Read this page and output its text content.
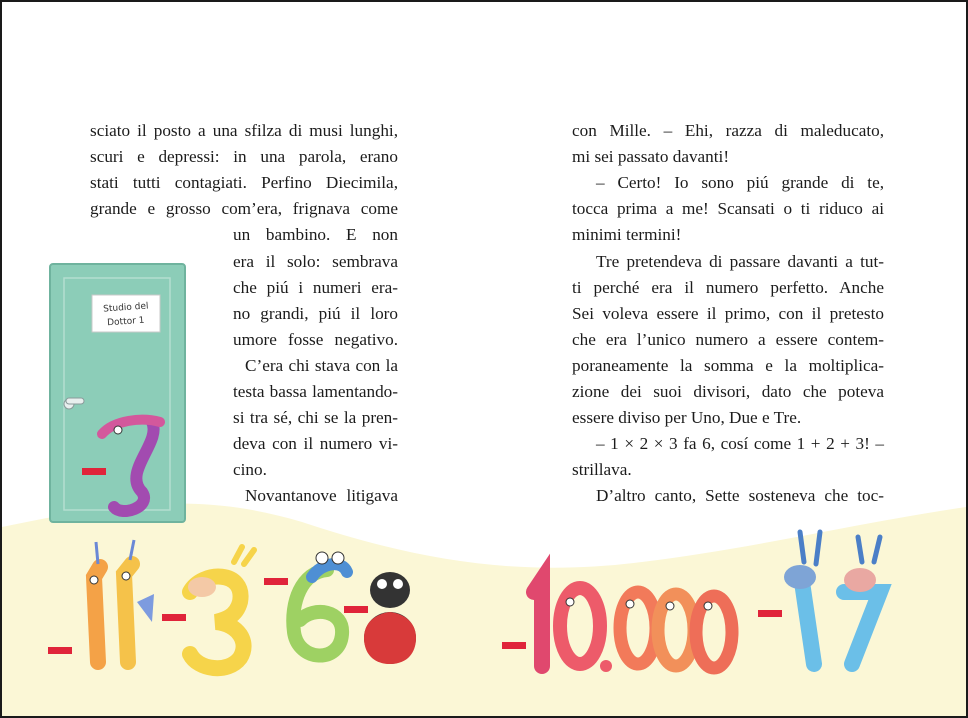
Studio del
Dottor 1
-7
sciato il posto a una sfilza di musi lunghi,
scuri e depressi: in una parola, erano
stati tutti contagiati. Perfino Diecimila,
grande e grosso com’era, frignava come
un bambino. E non
era il solo: sembrava
che piú i numeri era-
no grandi, piú il loro
umore fosse negativo.
C’era chi stava con la
testa bassa lamentando-
si tra sé, chi se la pren-
deva con il numero vi-
cino.
Novantanove litigava
con Mille. – Ehi, razza di maleducato,
mi sei passato davanti!
– Certo! Io sono piú grande di te,
tocca prima a me! Scansati o ti riduco ai
minimi termini!
Tre pretendeva di passare davanti a tut-
ti perché era il numero perfetto. Anche
Sei voleva essere il primo, con il pretesto
che era l’unico numero a essere contem-
poraneamente la somma e la moltiplica-
zione dei suoi divisori, dato che poteva
essere diviso per Uno, Due e Tre.
– 1 × 2 × 3 fa 6, cosí come 1 + 2 + 3! –
strillava.
D’altro canto, Sette sosteneva che toc-
